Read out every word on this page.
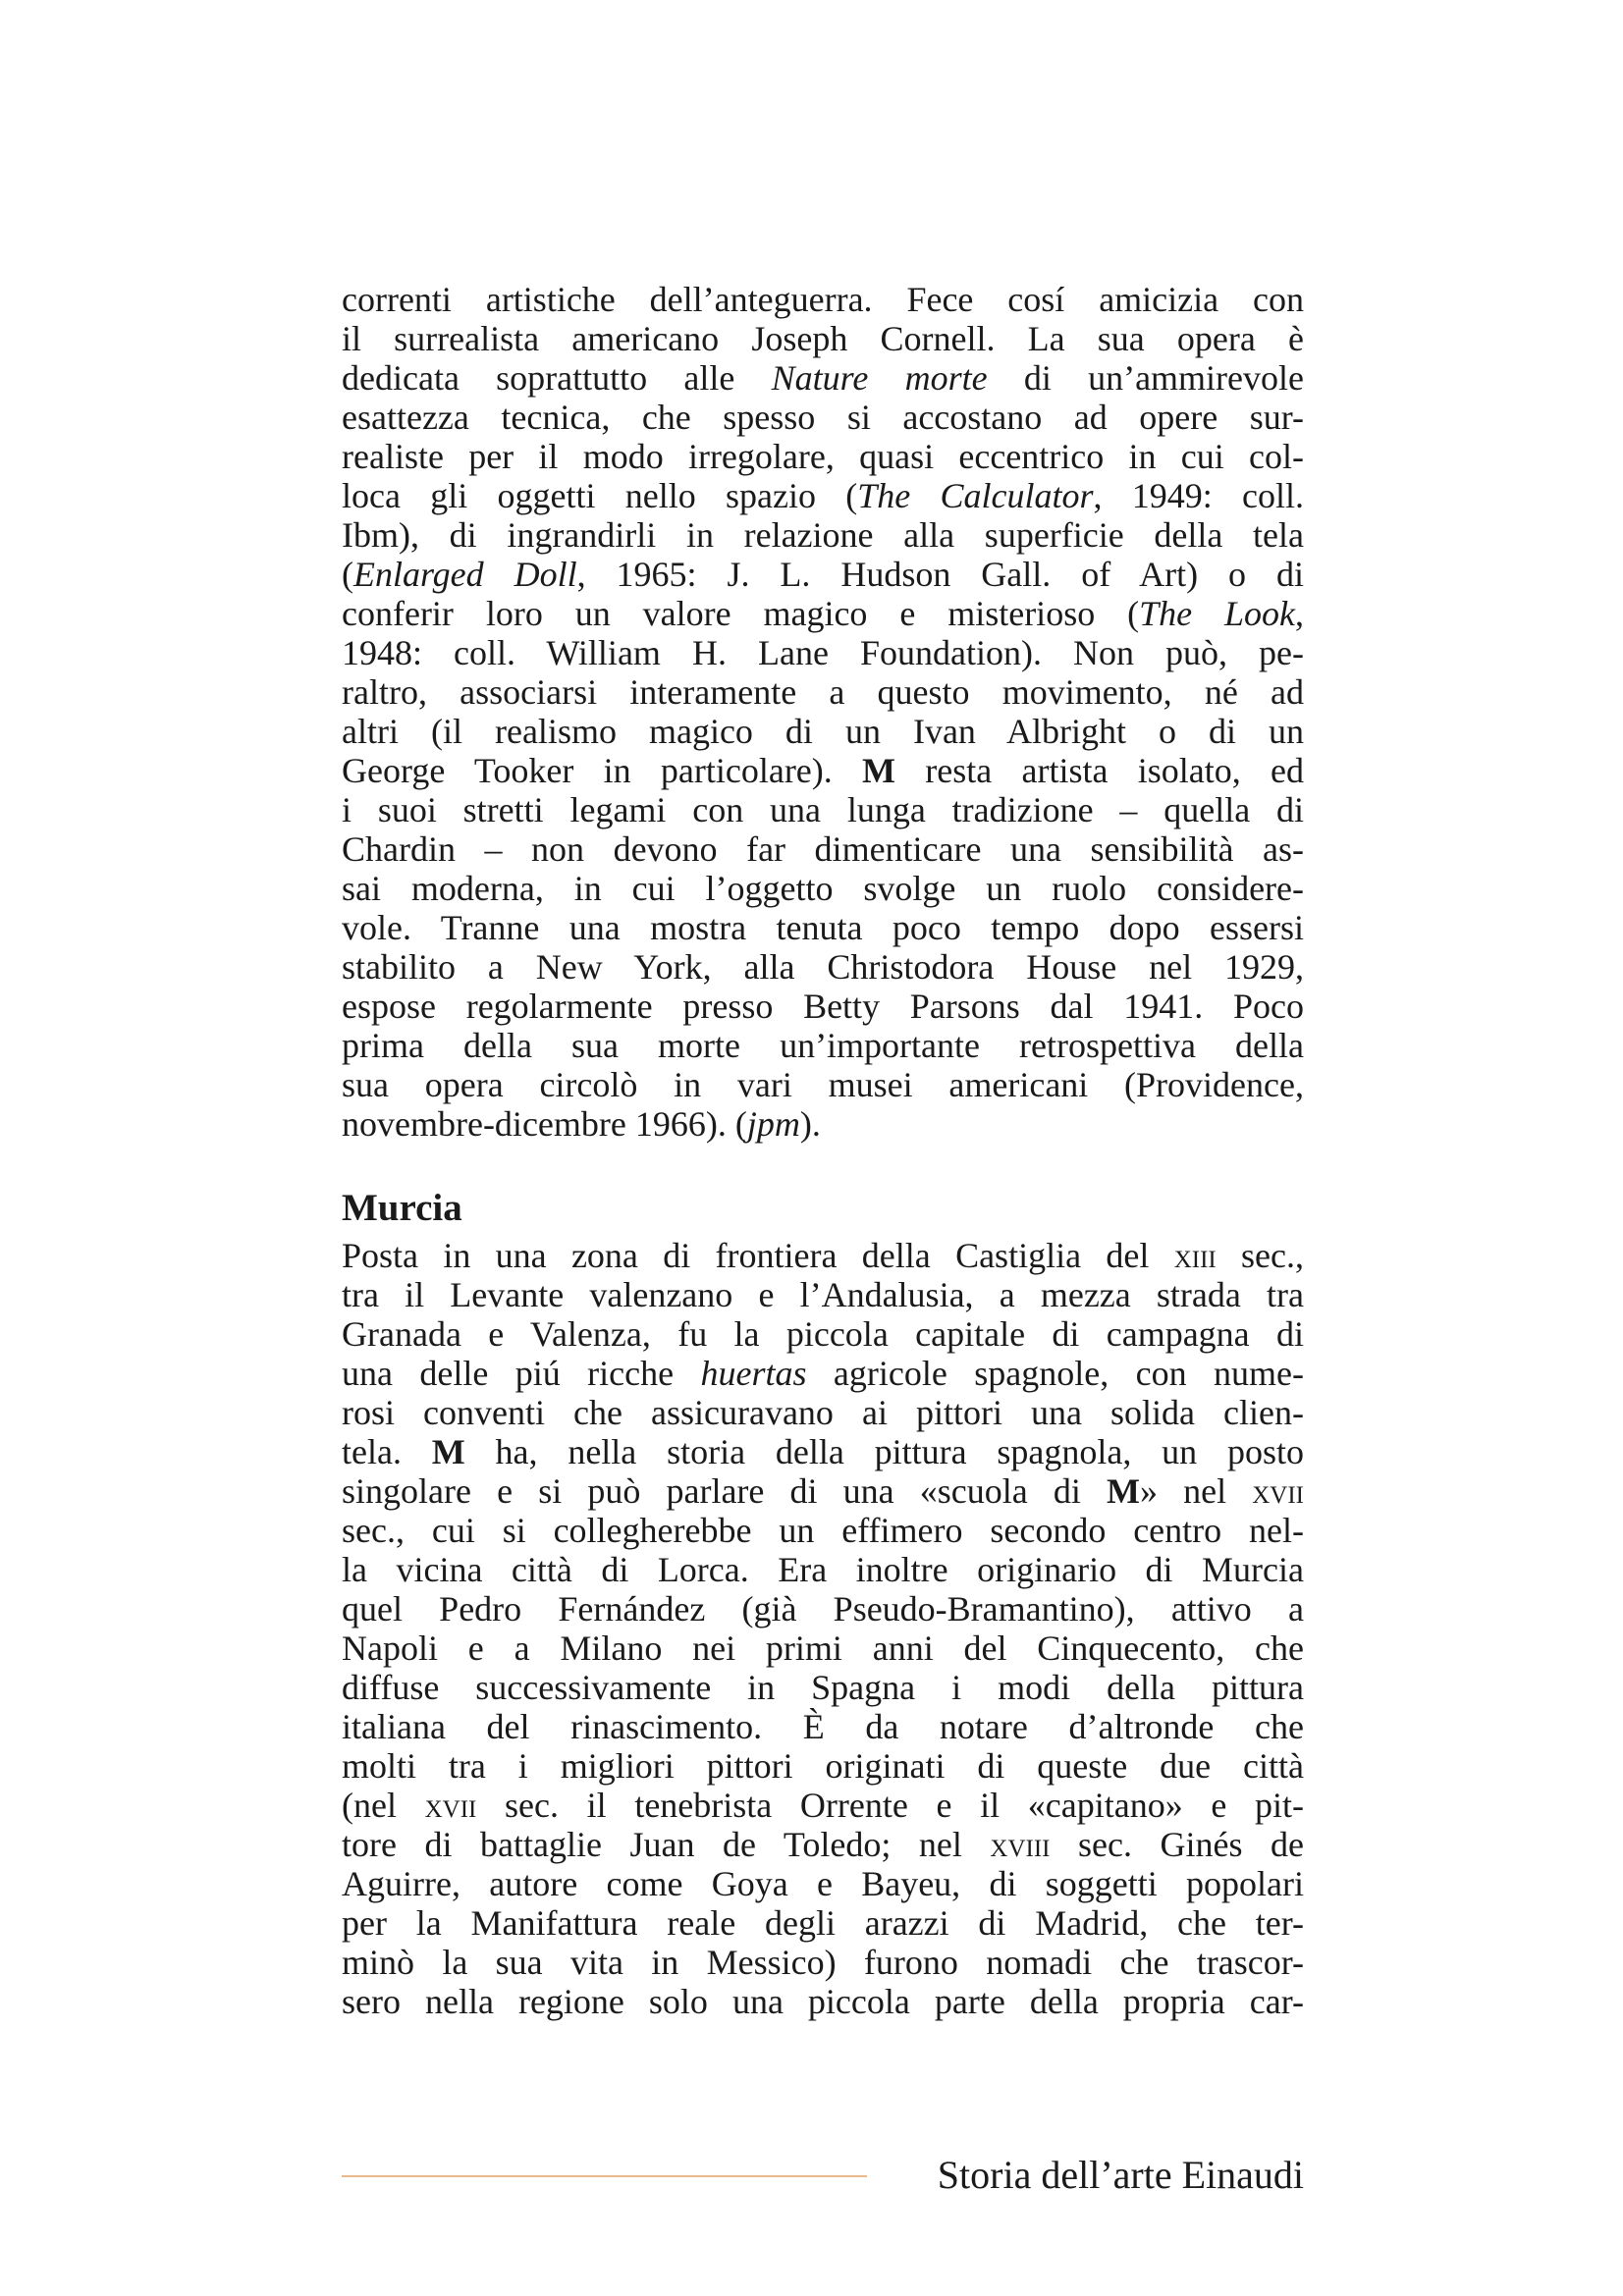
correnti artistiche dell’anteguerra. Fece cosí amicizia con
il surrealista americano Joseph Cornell. La sua opera è
dedicata soprattutto alle Nature morte di un’ammirevole
esattezza tecnica, che spesso si accostano ad opere sur-
realiste per il modo irregolare, quasi eccentrico in cui col-
loca gli oggetti nello spazio (The Calculator, 1949: coll.
Ibm), di ingrandirli in relazione alla superficie della tela
(Enlarged Doll, 1965: J. L. Hudson Gall. of Art) o di
conferir loro un valore magico e misterioso (The Look,
1948: coll. William H. Lane Foundation). Non può, pe-
raltro, associarsi interamente a questo movimento, né ad
altri (il realismo magico di un Ivan Albright o di un
George Tooker in particolare). M resta artista isolato, ed
i suoi stretti legami con una lunga tradizione – quella di
Chardin – non devono far dimenticare una sensibilità as-
sai moderna, in cui l’oggetto svolge un ruolo considere-
vole. Tranne una mostra tenuta poco tempo dopo essersi
stabilito a New York, alla Christodora House nel 1929,
espose regolarmente presso Betty Parsons dal 1941. Poco
prima della sua morte un’importante retrospettiva della
sua opera circolò in vari musei americani (Providence,
novembre-dicembre 1966). (jpm).
Murcia
Posta in una zona di frontiera della Castiglia del xiii sec.,
tra il Levante valenzano e l’Andalusia, a mezza strada tra
Granada e Valenza, fu la piccola capitale di campagna di
una delle piú ricche huertas agricole spagnole, con nume-
rosi conventi che assicuravano ai pittori una solida clien-
tela. M ha, nella storia della pittura spagnola, un posto
singolare e si può parlare di una «scuola di M» nel xvii
sec., cui si collegherebbe un effimero secondo centro nel-
la vicina città di Lorca. Era inoltre originario di Murcia
quel Pedro Fernández (già Pseudo-Bramantino), attivo a
Napoli e a Milano nei primi anni del Cinquecento, che
diffuse successivamente in Spagna i modi della pittura
italiana del rinascimento. È da notare d’altronde che
molti tra i migliori pittori originati di queste due città
(nel xvii sec. il tenebrista Orrente e il «capitano» e pit-
tore di battaglie Juan de Toledo; nel xviii sec. Ginés de
Aguirre, autore come Goya e Bayeu, di soggetti popolari
per la Manifattura reale degli arazzi di Madrid, che ter-
minò la sua vita in Messico) furono nomadi che trascor-
sero nella regione solo una piccola parte della propria car-
Storia dell’arte Einaudi
